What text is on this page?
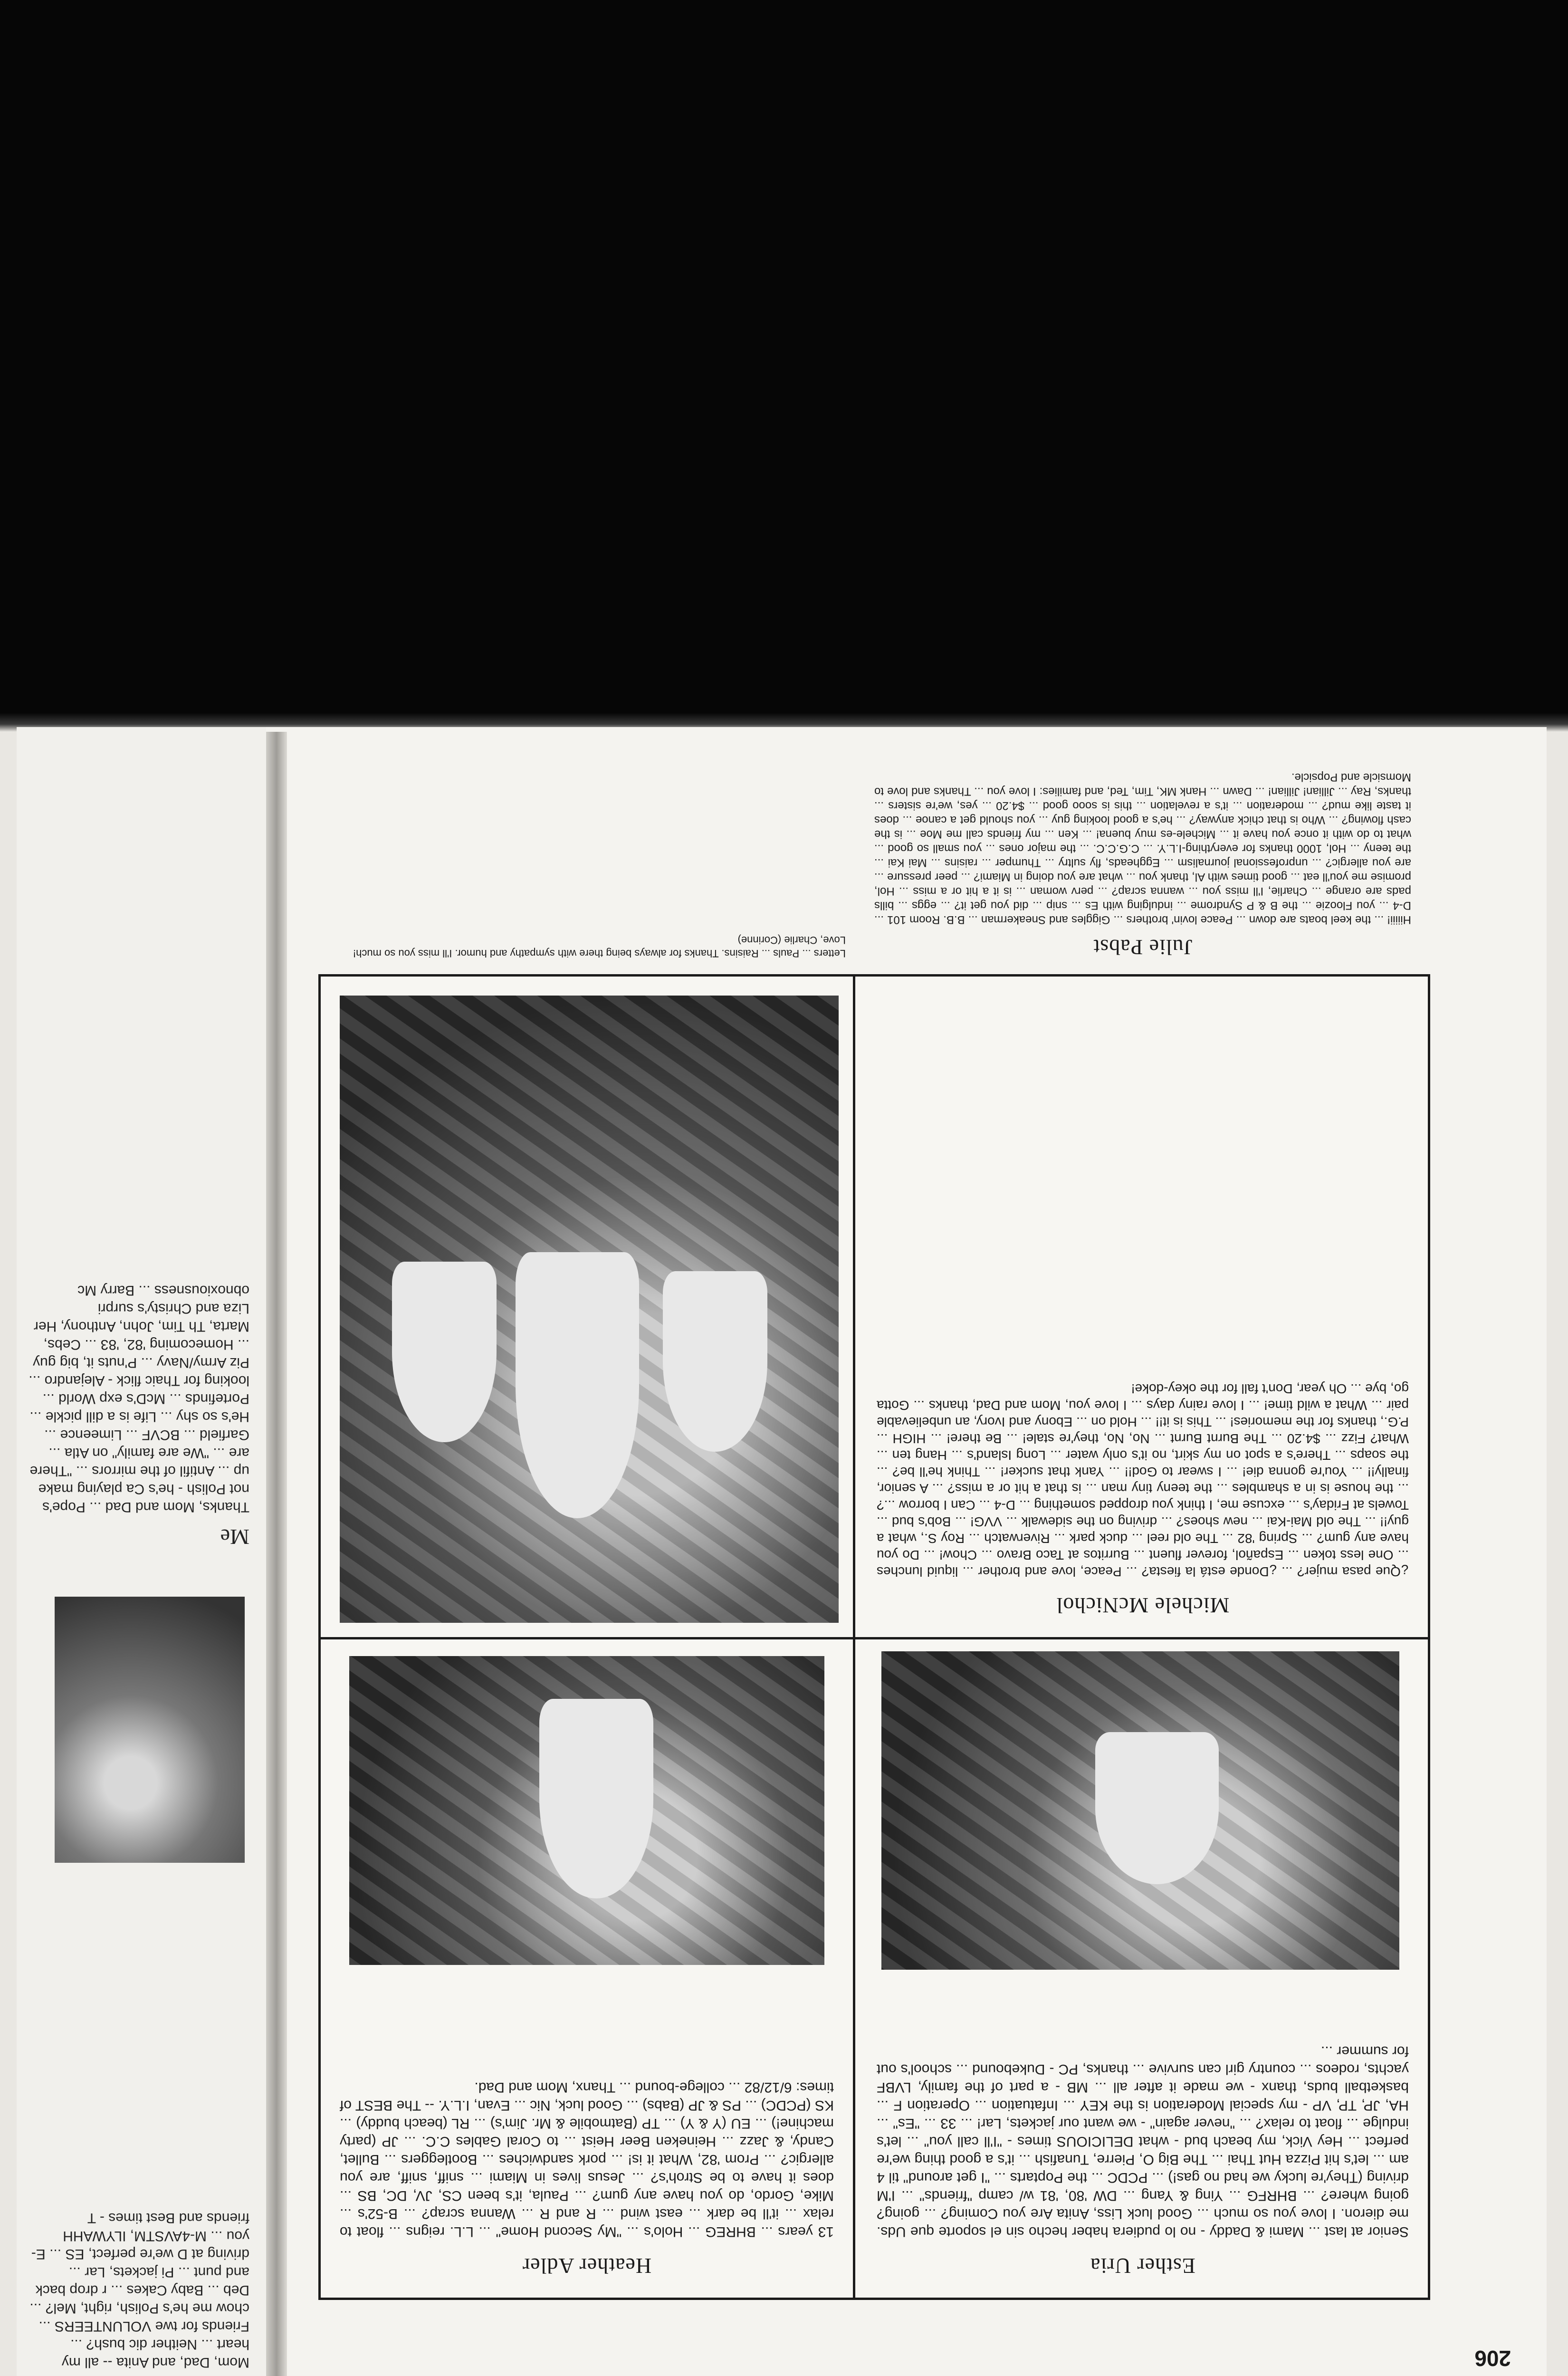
Mom, Dad, and Anita -- all my heart ... Neither dic bush? ... Friends for twe VOLUNTEERS ... chow me he's Polish, right, Mel? ... Deb ... Baby Cakes ... r drop back and punt ... Pi jackets, Lar ... driving at D we're perfect, ES ... E-you ... M-4AVSTM, ILYWAHH friends and Best times - T
Me
Thanks, Mom and Dad ... Pope's not Polish - he's Ca playing make up ... Antifil of the mirrors ... "There are ... "We are family" on Atla ... Garfield ... BCVF ... Limeence ... He's so shy ... Life is a dill pickle ... Portefinds ... McD's exp World ... looking for Thaic flick - Alejandro ... Piz Army/Navy ... P'nuts it, big guy ... Homecoming '82, '83 ... Cebs, Marta, Th Tim, John, Anthony, Her Liza and Christy's surpri obnoxiousness ... Barry Mc
206
Esther Uria
Senior at last ... Mami & Daddy - no lo pudiera haber hecho sin el soporte que Uds. me dieron. I love you so much ... Good luck Liss, Anita Are you Coming? ... going? going where? ... BHRFG ... Ying & Yang ... DW '80, '81 w/ camp "friends" ... I'M driving (They're lucky we had no gas!) ... PCDC ... the Poptarts ... "I get around" til 4 am ... let's hit Pizza Hut Thai ... The Big O, Pierre, Tunafish ... it's a good thing we're perfect ... Hey Vick, my beach bud - what DELICIOUS times - "I'll call you" ... let's indulge ... float to relax? ... "never again" - we want our jackets, Lar! ... 33 ... "Es" ... HA, JP, TP, VP - my special Moderation is the KEY ... Infatuation ... Operation F ... basketball buds, thanx - we made it after all ... MB - a part of the family, LVBF yachts, rodeos ... country girl can survive ... thanks, PC - Dukebound ... school's out for summer ...
Heather Adler
13 years ... BHREG ... Holo's ... "My Second Home" ... L.L. reigns ... float to relax ... it'll be dark ... east wind ... R and R ... Wanna scrap? ... B-52's ... Mike, Gordo, do you have any gum? ... Paula, it's been CS, JV, DC, BS ... does it have to be Stroh's? ... Jesus lives in Miami ... sniff, sniff, are you allergic? ... Prom '82, What it is! ... pork sandwiches ... Bootleggers ... Bullet, Candy, & Jazz ... Heineken Beer Heist ... to Coral Gables C.C. ... JP (party machine!) ... EU (Y & Y) ... TP (Batmobile & Mr. Jim's) ... RL (beach buddy) ... KS (PCDC) ... PS & JP (Babs) ... Good luck, Nic ... Evan, I.L.Y. -- The BEST of times: 6/12/82 ... college-bound ... Thanx, Mom and Dad.
Michele McNichol
¿Que pasa mujer? ... ¿Donde está la fiesta? ... Peace, love and brother ... liquid lunches ... One less token ... Español, forever fluent ... Burritos at Taco Bravo ... Chow! ... Do you have any gum? ... Spring '82 ... The old reel ... duck park ... Riverwatch ... Roy S., what a guy!! ... The old Mai-Kai ... new shoes? ... driving on the sidewalk ... VVG! ... Bob's bud ... Towels at Friday's ... excuse me, I think you dropped something ... D-4 ... Can I borrow ...? ... the house is in a shambles ... the teeny tiny man ... is that a hit or a miss? ... A senior, finally!! ... You're gonna die! ... I swear to God!! ... Yank that sucker! ... Think he'll be? ... the soaps ... There's a spot on my skirt, no it's only water ... Long Island's ... Hang ten ... What? Fizz ... $4.20 ... The Burnt Burnt ... No, No, they're stale! ... Be there! ... HIGH ... P.G., thanks for the memories! ... This is it!! ... Hold on ... Ebony and Ivory, an unbelievable pair ... What a wild time! ... I love rainy days ... I love you, Mom and Dad, thanks ... Gotta go, bye ... Oh year, Don't fall for the okey-doke!
Julie Pabst
Hiiiii! ... the keel boats are down ... Peace lovin' brothers ... Giggles and Sneakerman ... B.B. Room 101 ... D-4 ... you Floozie ... the B & P Syndrome ... indulging with Es ... snip ... did you get it? ... eggs ... bills pads are orange ... Charlie, I'll miss you ... wanna scrap? ... perv woman ... is it a hit or a miss ... Hol, promise me you'll eat ... good times with Al, thank you ... what are you doing in Miami? ... peer pressure ... are you allergic? ... unprofessional journalism ... Eggheads, fly sultry ... Thumper ... raisins ... Mai Kai ... the teeny ... Hol, 1000 thanks for everything-I.L.Y. ... C.G.C.C. ... the major ones ... you small so good ... what to do with it once you have it ... Michele-es muy buena! ... Ken ... my friends call me Moe ... is the cash flowing? ... Who is that chick anyway? ... he's a good looking guy ... you should get a canoe ... does it taste like mud? ... moderation ... it's a revelation ... this is sooo good ... $4.20 ... yes, we're sisters ... thanks, Ray ... Jillian! Jillian! ... Dawn ... Hank MK, Tim, Ted, and families: I love you ... Thanks and love to Momsicle and Popsicle.
Letters ... Pauls ... Raisins. Thanks for always being there with sympathy and humor. I'll miss you so much! Love, Charlie (Corinne)
